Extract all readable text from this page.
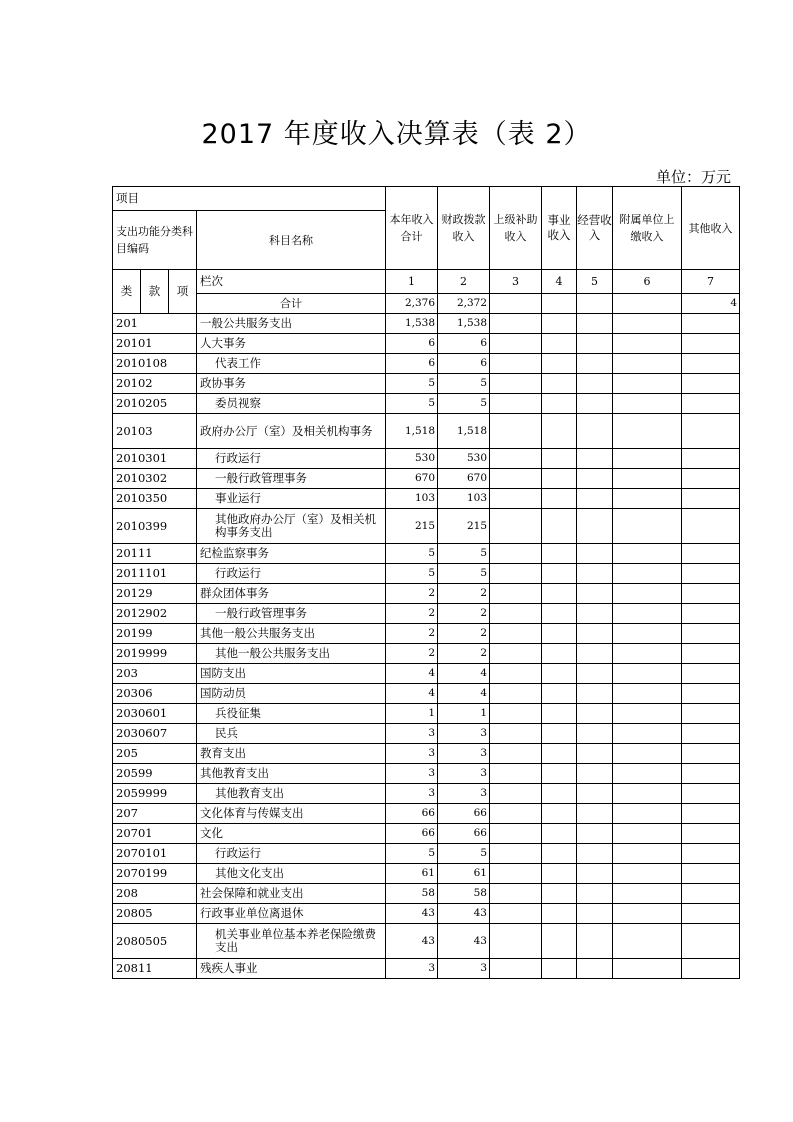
2017 年度收入决算表（表 2）
单位：万元
项目				本年收入合计	财政拨款收入	上级补助收入	事业收入	经营收入	附属单位上缴收入	其他收入
支出功能分类科目编码			科目名称							

类	款	项	栏次	1	2	3	4	5	6	7
			合计	2,376	2,372					4
201			一般公共服务支出	1,538	1,538					
20101			人大事务	6	6					
2010108			代表工作	6	6					
20102			政协事务	5	5					
2010205			委员视察	5	5					
20103			政府办公厅（室）及相关机构事务	1,518	1,518					
2010301			行政运行	530	530					
2010302			一般行政管理事务	670	670					
2010350			事业运行	103	103					
2010399			其他政府办公厅（室）及相关机构事务支出	215	215					
20111			纪检监察事务	5	5					
2011101			行政运行	5	5					
20129			群众团体事务	2	2					
2012902			一般行政管理事务	2	2					
20199			其他一般公共服务支出	2	2					
2019999			其他一般公共服务支出	2	2					
203			国防支出	4	4					
20306			国防动员	4	4					
2030601			兵役征集	1	1					
2030607			民兵	3	3					
205			教育支出	3	3					
20599			其他教育支出	3	3					
2059999			其他教育支出	3	3					
207			文化体育与传媒支出	66	66					
20701			文化	66	66					
2070101			行政运行	5	5					
2070199			其他文化支出	61	61					
208			社会保障和就业支出	58	58					
20805			行政事业单位离退休	43	43					
2080505			机关事业单位基本养老保险缴费支出	43	43					
20811			残疾人事业	3	3					
